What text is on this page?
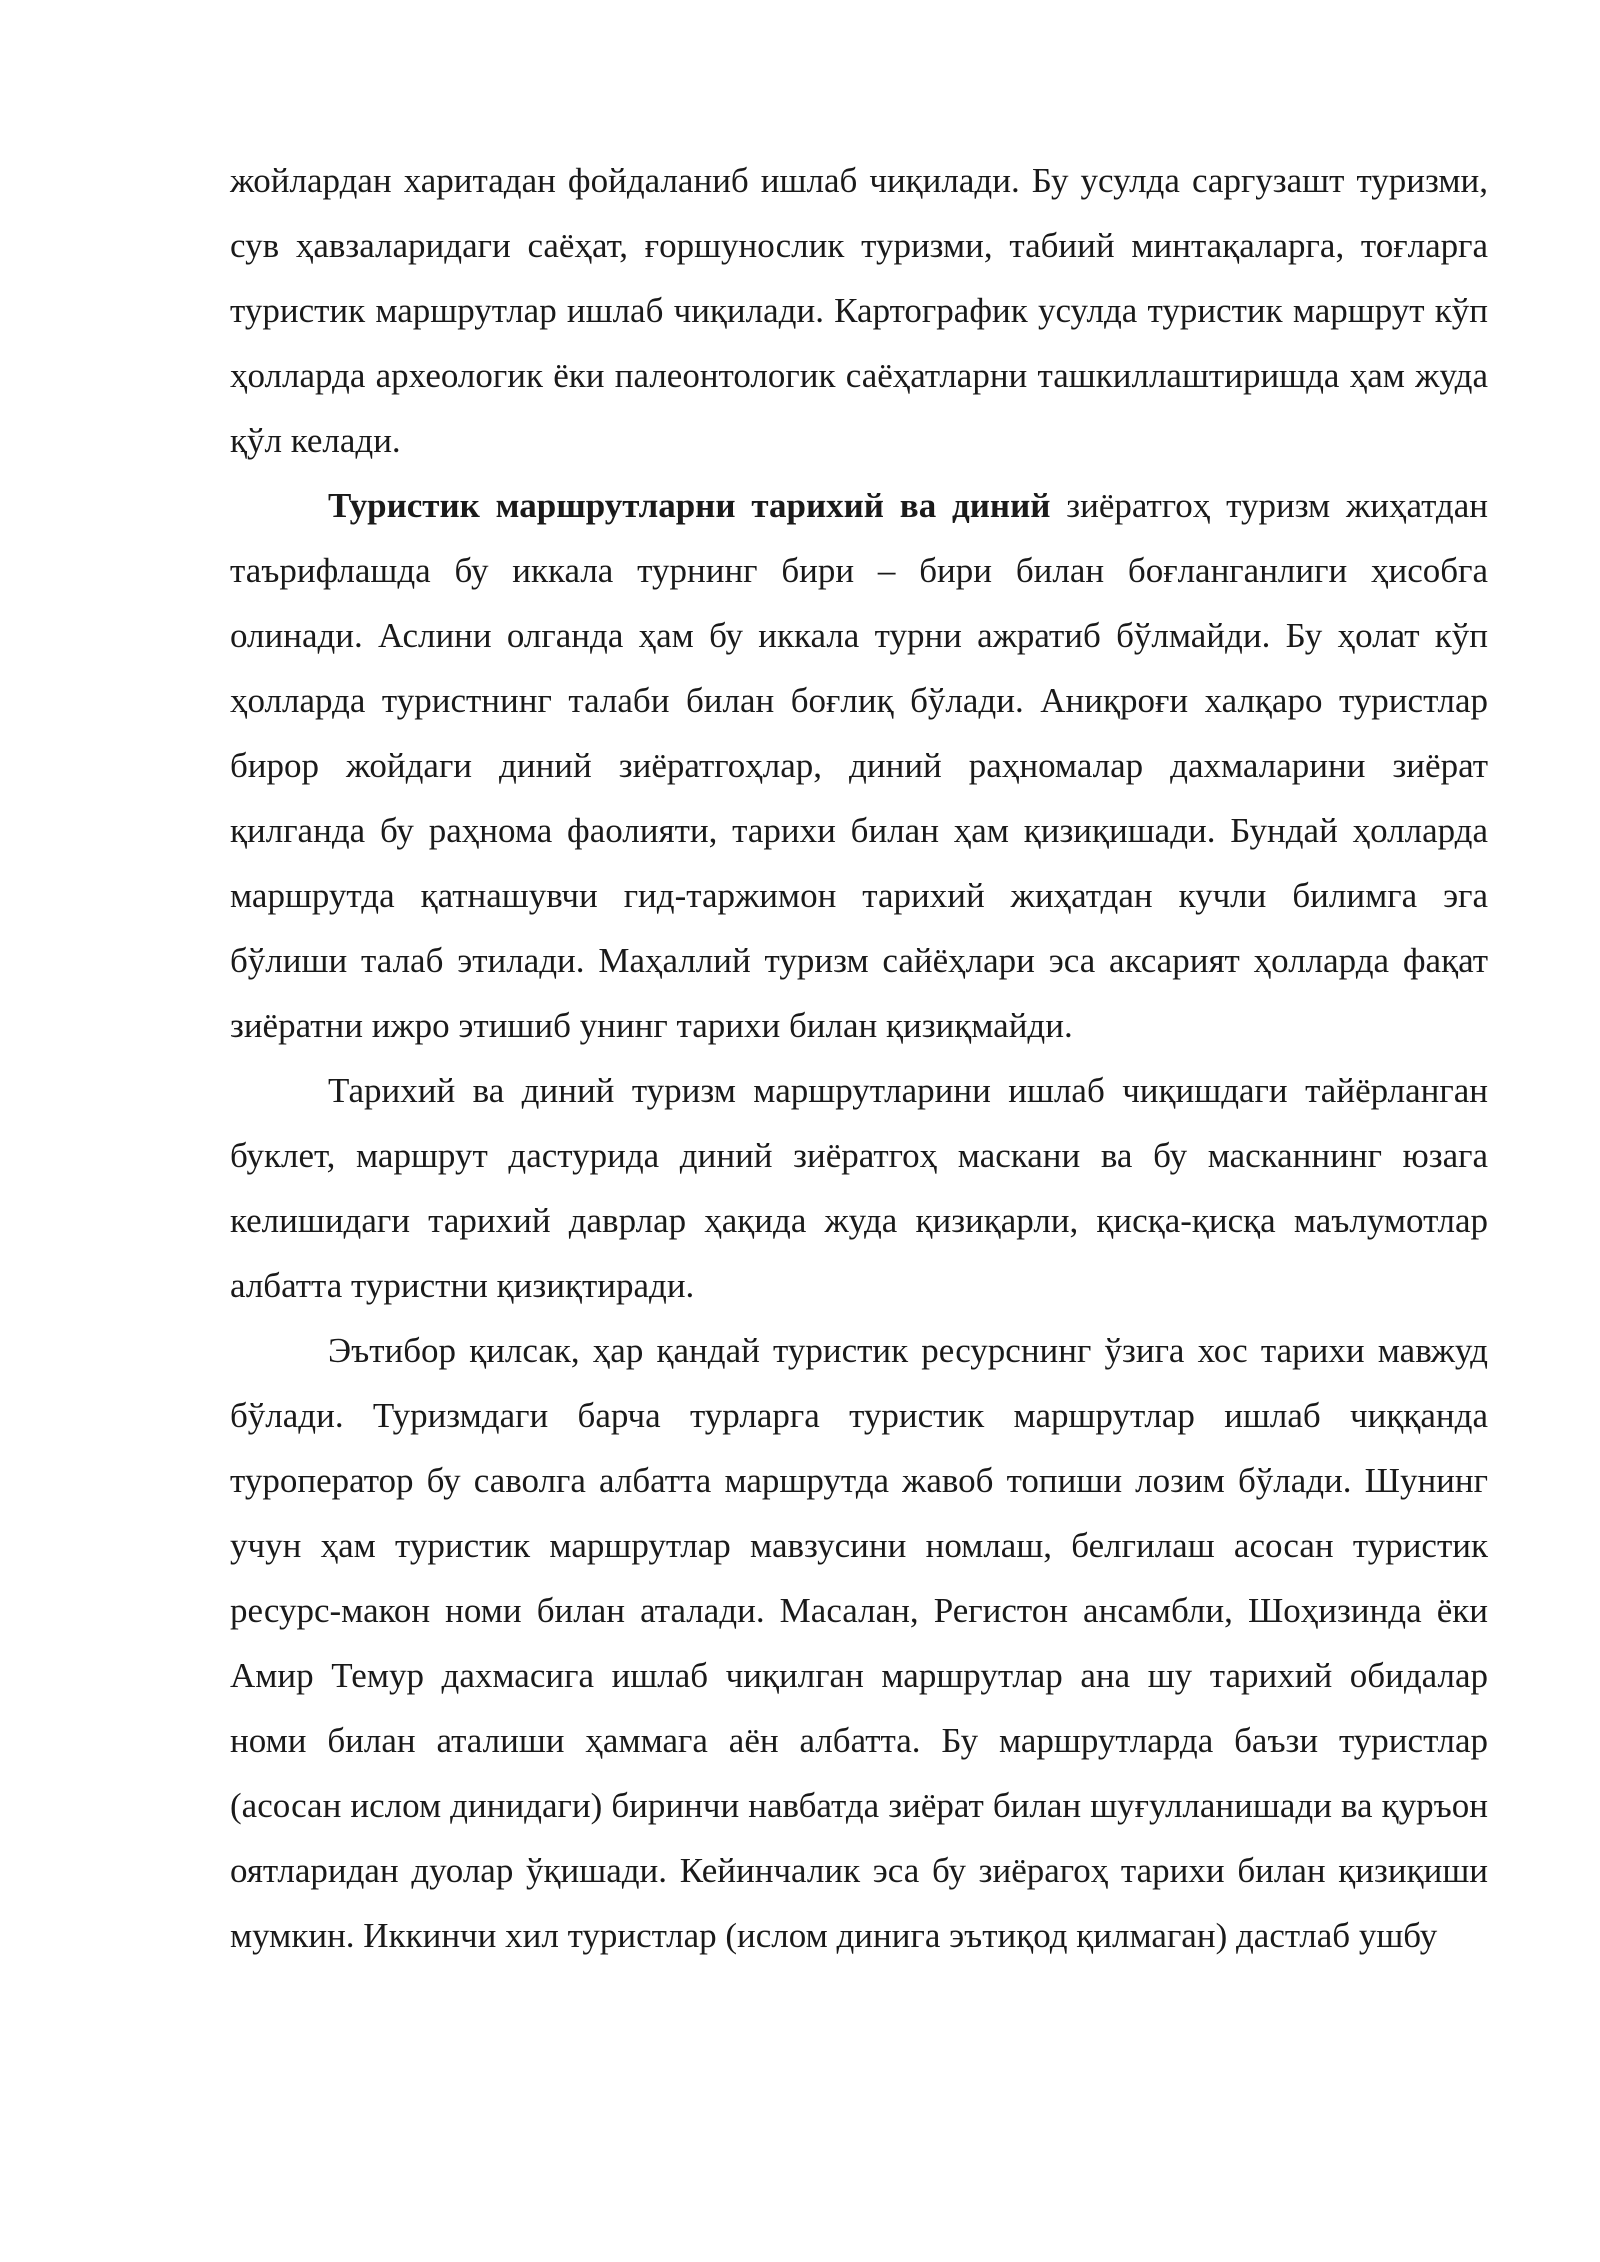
жойлардан харитадан фойдаланиб ишлаб чиқилади. Бу усулда саргузашт туризми, сув ҳавзаларидаги саёҳат, ғоршунослик туризми, табиий минтақаларга, тоғларга туристик маршрутлар ишлаб чиқилади. Картографик усулда туристик маршрут кўп ҳолларда археологик ёки палеонтологик саёҳатларни ташкиллаштиришда ҳам жуда қўл келади.

Туристик маршрутларни тарихий ва диний зиёратгоҳ туризм жиҳатдан таърифлашда бу иккала турнинг бири – бири билан боғланганлиги ҳисобга олинади. Аслини олганда ҳам бу иккала турни ажратиб бўлмайди. Бу ҳолат кўп ҳолларда туристнинг талаби билан боғлиқ бўлади. Аниқроғи халқаро туристлар бирор жойдаги диний зиёратгоҳлар, диний раҳномалар дахмаларини зиёрат қилганда бу раҳнома фаолияти, тарихи билан ҳам қизиқишади. Бундай ҳолларда маршрутда қатнашувчи гид-таржимон тарихий жиҳатдан кучли билимга эга бўлиши талаб этилади. Маҳаллий туризм сайёҳлари эса аксарият ҳолларда фақат зиёратни ижро этишиб унинг тарихи билан қизиқмайди.

Тарихий ва диний туризм маршрутларини ишлаб чиқишдаги тайёрланган буклет, маршрут дастурида диний зиёратгоҳ маскани ва бу масканнинг юзага келишидаги тарихий даврлар ҳақида жуда қизиқарли, қисқа-қисқа маълумотлар албатта туристни қизиқтиради.

Эътибор қилсак, ҳар қандай туристик ресурснинг ўзига хос тарихи мавжуд бўлади. Туризмдаги барча турларга туристик маршрутлар ишлаб чиққанда туроператор бу саволга албатта маршрутда жавоб топиши лозим бўлади. Шунинг учун ҳам туристик маршрутлар мавзусини номлаш, белгилаш асосан туристик ресурс-макон номи билан аталади. Масалан, Регистон ансамбли, Шоҳизинда ёки Амир Темур дахмасига ишлаб чиқилган маршрутлар ана шу тарихий обидалар номи билан аталиши ҳаммага аён албатта. Бу маршрутларда баъзи туристлар (асосан ислом динидаги) биринчи навбатда зиёрат билан шуғулланишади ва қуръон оятларидан дуолар ўқишади. Кейинчалик эса бу зиёрагоҳ тарихи билан қизиқиши мумкин. Иккинчи хил туристлар (ислом динига эътиқод қилмаган) дастлаб ушбу
